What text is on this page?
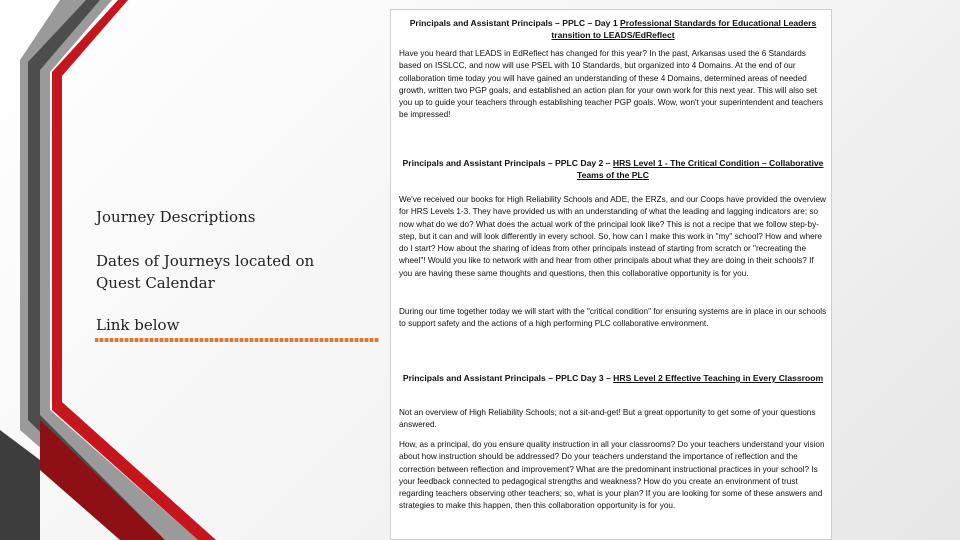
Journey Descriptions
Dates of Journeys located on Quest Calendar
Link below
Principals and Assistant Principals – PPLC – Day 1 Professional Standards for Educational Leaders transition to LEADS/EdReflect
Have you heard that LEADS in EdReflect has changed for this year? In the past, Arkansas used the 6 Standards based on ISSLCC, and now will use PSEL with 10 Standards, but organized into 4 Domains. At the end of our collaboration time today you will have gained an understanding of these 4 Domains, determined areas of needed growth, written two PGP goals, and established an action plan for your own work for this next year. This will also set you up to guide your teachers through establishing teacher PGP goals. Wow, won't your superintendent and teachers be impressed!
Principals and Assistant Principals – PPLC Day 2 – HRS Level 1 - The Critical Condition – Collaborative Teams of the PLC
We've received our books for High Reliability Schools and ADE, the ERZs, and our Coops have provided the overview for HRS Levels 1-3. They have provided us with an understanding of what the leading and lagging indicators are; so now what do we do? What does the actual work of the principal look like? This is not a recipe that we follow step-by-step, but it can and will look differently in every school. So, how can I make this work in "my" school? How and where do I start? How about the sharing of ideas from other principals instead of starting from scratch or "recreating the wheel"! Would you like to network with and hear from other principals about what they are doing in their schools? If you are having these same thoughts and questions, then this collaborative opportunity is for you.
During our time together today we will start with the "critical condition" for ensuring systems are in place in our schools to support safety and the actions of a high performing PLC collaborative environment.
Principals and Assistant Principals – PPLC Day 3 – HRS Level 2 Effective Teaching in Every Classroom
Not an overview of High Reliability Schools; not a sit-and-get! But a great opportunity to get some of your questions answered.
How, as a principal, do you ensure quality instruction in all your classrooms? Do your teachers understand your vision about how instruction should be addressed? Do your teachers understand the importance of reflection and the correction between reflection and improvement? What are the predominant instructional practices in your school? Is your feedback connected to pedagogical strengths and weakness? How do you create an environment of trust regarding teachers observing other teachers; so, what is your plan? If you are looking for some of these answers and strategies to make this happen, then this collaboration opportunity is for you.
